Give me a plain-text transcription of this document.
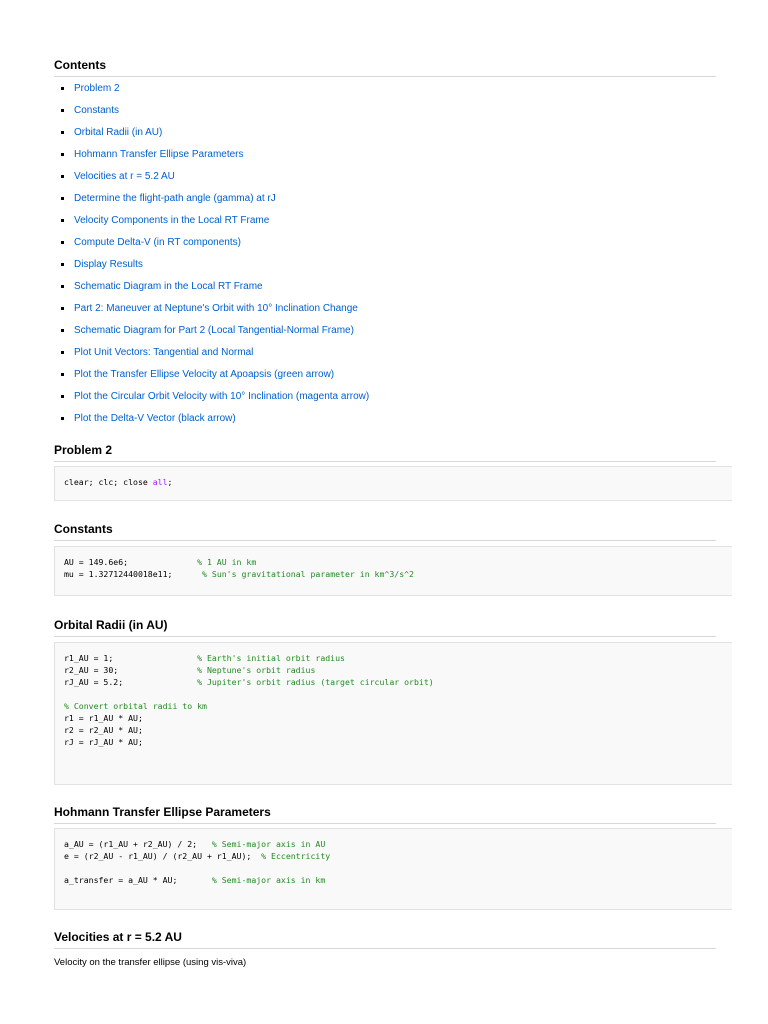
Contents
Problem 2
Constants
Orbital Radii (in AU)
Hohmann Transfer Ellipse Parameters
Velocities at r = 5.2 AU
Determine the flight-path angle (gamma) at rJ
Velocity Components in the Local RT Frame
Compute Delta-V (in RT components)
Display Results
Schematic Diagram in the Local RT Frame
Part 2: Maneuver at Neptune's Orbit with 10° Inclination Change
Schematic Diagram for Part 2 (Local Tangential-Normal Frame)
Plot Unit Vectors: Tangential and Normal
Plot the Transfer Ellipse Velocity at Apoapsis (green arrow)
Plot the Circular Orbit Velocity with 10° Inclination (magenta arrow)
Plot the Delta-V Vector (black arrow)
Problem 2
clear; clc; close all;
Constants
AU = 149.6e6;              % 1 AU in km
mu = 1.32712440018e11;      % Sun's gravitational parameter in km^3/s^2
Orbital Radii (in AU)
r1_AU = 1;                 % Earth's initial orbit radius
r2_AU = 30;                % Neptune's orbit radius
rJ_AU = 5.2;               % Jupiter's orbit radius (target circular orbit)
% Convert orbital radii to km
r1 = r1_AU * AU;
r2 = r2_AU * AU;
rJ = rJ_AU * AU;
Hohmann Transfer Ellipse Parameters
a_AU = (r1_AU + r2_AU) / 2;   % Semi-major axis in AU
e = (r2_AU - r1_AU) / (r2_AU + r1_AU);  % Eccentricity
a_transfer = a_AU * AU;       % Semi-major axis in km
Velocities at r = 5.2 AU
Velocity on the transfer ellipse (using vis-viva)
